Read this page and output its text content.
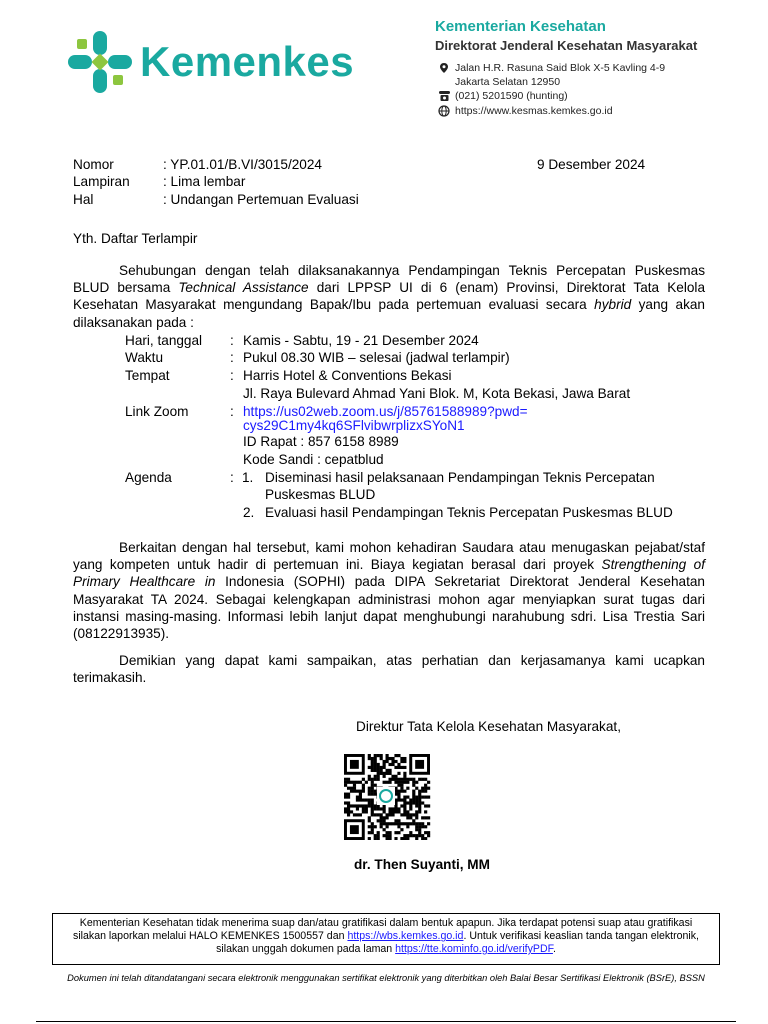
Kemenkes
Kementerian Kesehatan
Direktorat Jenderal Kesehatan Masyarakat
Jalan H.R. Rasuna Said Blok X-5 Kavling 4-9
Jakarta Selatan 12950
(021) 5201590 (hunting)
https://www.kesmas.kemkes.go.id
Nomor	: YP.01.01/B.VI/3015/2024	9 Desember 2024
Lampiran : Lima lembar
Hal	: Undangan Pertemuan Evaluasi
Yth. Daftar Terlampir
Sehubungan dengan telah dilaksanakannya Pendampingan Teknis Percepatan Puskesmas BLUD bersama Technical Assistance dari LPPSP UI di 6 (enam) Provinsi, Direktorat Tata Kelola Kesehatan Masyarakat mengundang Bapak/Ibu pada pertemuan evaluasi secara hybrid yang akan dilaksanakan pada :
Hari, tanggal : Kamis - Sabtu, 19 - 21 Desember 2024
Waktu	: Pukul 08.30 WIB – selesai (jadwal terlampir)
Tempat	: Harris Hotel & Conventions Bekasi
Jl. Raya Bulevard Ahmad Yani Blok. M, Kota Bekasi, Jawa Barat
Link Zoom	: https://us02web.zoom.us/j/85761588989?pwd=
cys29C1my4kq6SFlvibwrplizxSYoN1
ID Rapat : 857 6158 8989
Kode Sandi : cepatblud
Agenda	: 1. Diseminasi hasil pelaksanaan Pendampingan Teknis Percepatan
Puskesmas BLUD
2. Evaluasi hasil Pendampingan Teknis Percepatan Puskesmas BLUD
Berkaitan dengan hal tersebut, kami mohon kehadiran Saudara atau menugaskan pejabat/staf yang kompeten untuk hadir di pertemuan ini. Biaya kegiatan berasal dari proyek Strengthening of Primary Healthcare in Indonesia (SOPHI) pada DIPA Sekretariat Direktorat Jenderal Kesehatan Masyarakat TA 2024. Sebagai kelengkapan administrasi mohon agar menyiapkan surat tugas dari instansi masing-masing. Informasi lebih lanjut dapat menghubungi narahubung sdri. Lisa Trestia Sari (08122913935).
Demikian yang dapat kami sampaikan, atas perhatian dan kerjasamanya kami ucapkan terimakasih.
Direktur Tata Kelola Kesehatan Masyarakat,
dr. Then Suyanti, MM
Kementerian Kesehatan tidak menerima suap dan/atau gratifikasi dalam bentuk apapun. Jika terdapat potensi suap atau gratifikasi silakan laporkan melalui HALO KEMENKES 1500557 dan https://wbs.kemkes.go.id. Untuk verifikasi keaslian tanda tangan elektronik, silakan unggah dokumen pada laman https://tte.kominfo.go.id/verifyPDF.
Dokumen ini telah ditandatangani secara elektronik menggunakan sertifikat elektronik yang diterbitkan oleh Balai Besar Sertifikasi Elektronik (BSrE), BSSN
